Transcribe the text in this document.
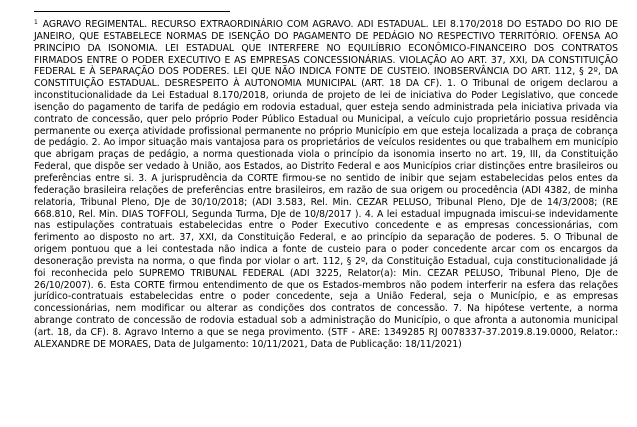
$^1$ AGRAVO REGIMENTAL. RECURSO EXTRAORDINÁRIO COM AGRAVO. ADI ESTADUAL. LEI 8.170/2018 DO ESTADO DO RIO DE JANEIRO, QUE ESTABELECE NORMAS DE ISENÇÃO DO PAGAMENTO DE PEDÁGIO NO RESPECTIVO TERRITÓRIO. OFENSA AO PRINCÍPIO DA ISONOMIA. LEI ESTADUAL QUE INTERFERE NO EQUILÍBRIO ECONÔMICO-FINANCEIRO DOS CONTRATOS FIRMADOS ENTRE O PODER EXECUTIVO E AS EMPRESAS CONCESSIONÁRIAS. VIOLAÇÃO AO ART. 37, XXI, DA CONSTITUIÇÃO FEDERAL E À SEPARAÇÃO DOS PODERES. LEI QUE NÃO INDICA FONTE DE CUSTEIO. INOBSERVÂNCIA DO ART. 112, § 2º, DA CONSTITUIÇÃO ESTADUAL. DESRESPEITO À AUTONOMIA MUNICIPAL (ART. 18 DA CF). 1. O Tribunal de origem declarou a inconstitucionalidade da Lei Estadual 8.170/2018, oriunda de projeto de lei de iniciativa do Poder Legislativo, que concede isenção do pagamento de tarifa de pedágio em rodovia estadual, quer esteja sendo administrada pela iniciativa privada via contrato de concessão, quer pelo próprio Poder Público Estadual ou Municipal, a veículo cujo proprietário possua residência permanente ou exerça atividade profissional permanente no próprio Município em que esteja localizada a praça de cobrança de pedágio. 2. Ao impor situação mais vantajosa para os proprietários de veículos residentes ou que trabalhem em município que abrigam praças de pedágio, a norma questionada viola o princípio da isonomia inserto no art. 19, III, da Constituição Federal, que dispõe ser vedado à União, aos Estados, ao Distrito Federal e aos Municípios criar distinções entre brasileiros ou preferências entre si. 3. A jurisprudência da CORTE firmou-se no sentido de inibir que sejam estabelecidas pelos entes da federação brasileira relações de preferências entre brasileiros, em razão de sua origem ou procedência (ADI 4382, de minha relatoria, Tribunal Pleno, DJe de 30/10/2018; (ADI 3.583, Rel. Min. CEZAR PELUSO, Tribunal Pleno, DJe de 14/3/2008; (RE 668.810, Rel. Min. DIAS TOFFOLI, Segunda Turma, DJe de 10/8/2017 ). 4. A lei estadual impugnada imiscui-se indevidamente nas estipulações contratuais estabelecidas entre o Poder Executivo concedente e as empresas concessionárias, com ferimento ao disposto no art. 37, XXI, da Constituição Federal, e ao princípio da separação de poderes. 5. O Tribunal de origem pontuou que a lei contestada não indica a fonte de custeio para o poder concedente arcar com os encargos da desoneração prevista na norma, o que finda por violar o art. 112, § 2º, da Constituição Estadual, cuja constitucionalidade já foi reconhecida pelo SUPREMO TRIBUNAL FEDERAL (ADI 3225, Relator(a): Min. CEZAR PELUSO, Tribunal Pleno, DJe de 26/10/2007). 6. Esta CORTE firmou entendimento de que os Estados-membros não podem interferir na esfera das relações jurídico-contratuais estabelecidas entre o poder concedente, seja a União Federal, seja o Município, e as empresas concessionárias, nem modificar ou alterar as condições dos contratos de concessão. 7. Na hipótese vertente, a norma abrange contrato de concessão de rodovia estadual sob a administração do Município, o que afronta a autonomia municipal (art. 18, da CF). 8. Agravo Interno a que se nega provimento. (STF - ARE: 1349285 RJ 0078337-37.2019.8.19.0000, Relator.: ALEXANDRE DE MORAES, Data de Julgamento: 10/11/2021, Data de Publicação: 18/11/2021)
